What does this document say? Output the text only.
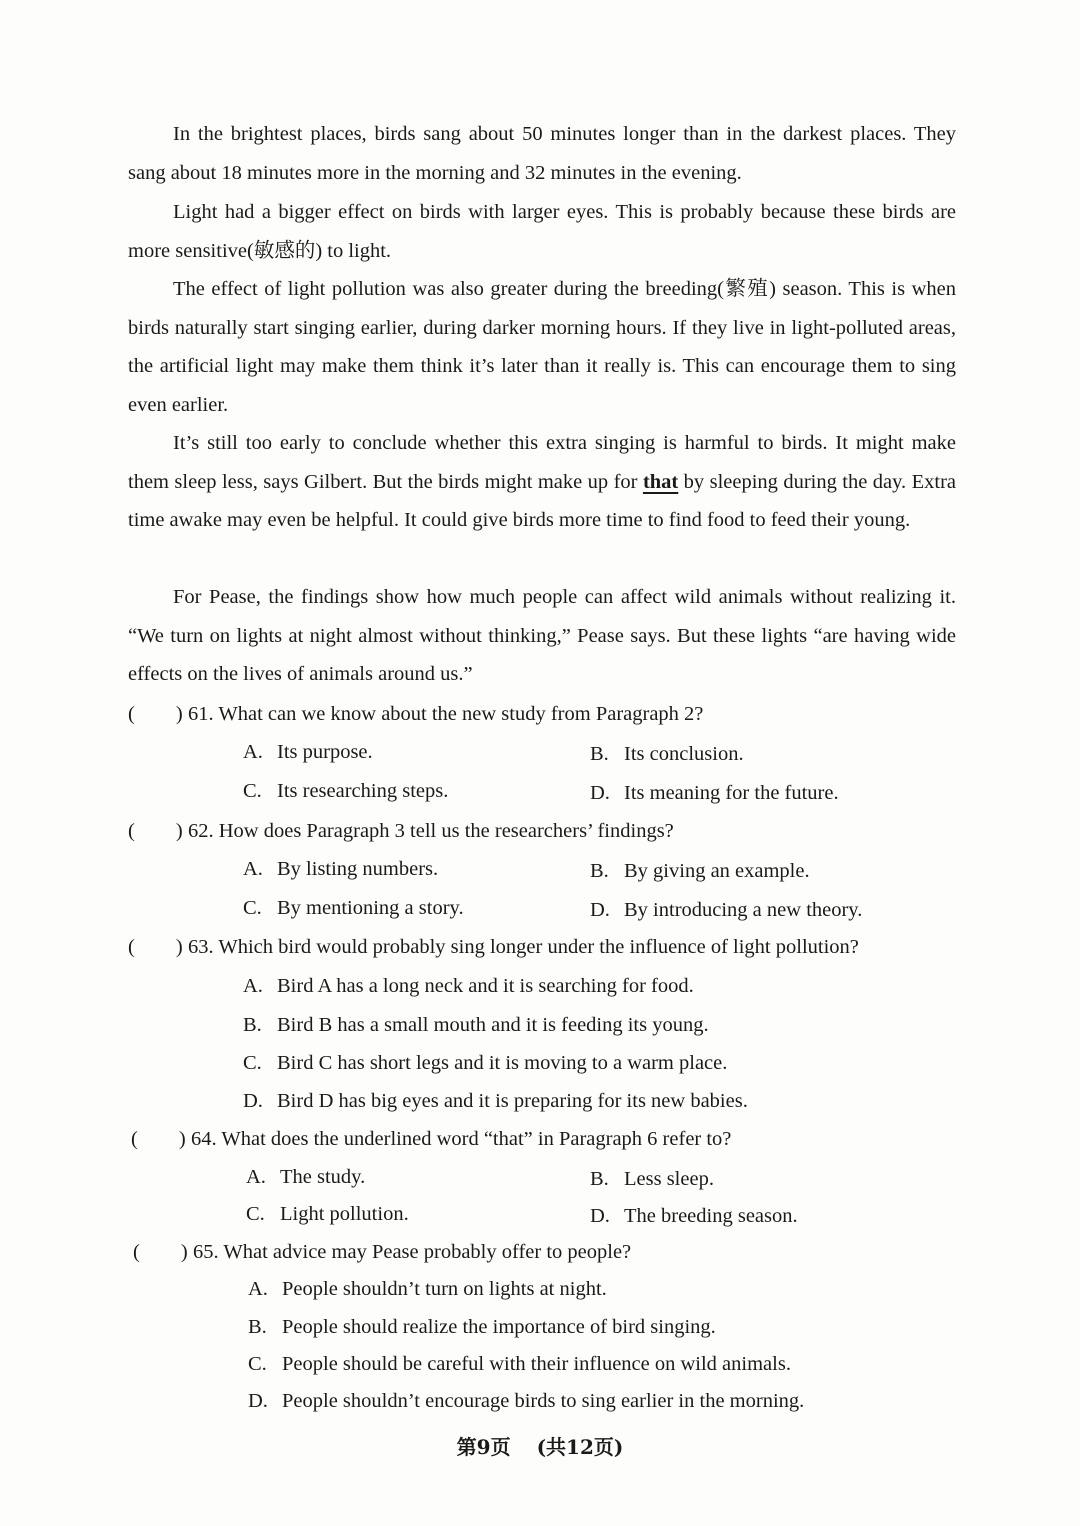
In the brightest places, birds sang about 50 minutes longer than in the darkest places. They sang about 18 minutes more in the morning and 32 minutes in the evening.

Light had a bigger effect on birds with larger eyes. This is probably because these birds are more sensitive(敏感的) to light.

The effect of light pollution was also greater during the breeding(繁殖) season. This is when birds naturally start singing earlier, during darker morning hours. If they live in light-polluted areas, the artificial light may make them think it’s later than it really is. This can encourage them to sing even earlier.

It’s still too early to conclude whether this extra singing is harmful to birds. It might make them sleep less, says Gilbert. But the birds might make up for that by sleeping during the day. Extra time awake may even be helpful. It could give birds more time to find food to feed their young.

For Pease, the findings show how much people can affect wild animals without realizing it. “We turn on lights at night almost without thinking,” Pease says. But these lights “are having wide effects on the lives of animals around us.”

(　　) 61. What can we know about the new study from Paragraph 2?
A. Its purpose.	B. Its conclusion.
C. Its researching steps.	D. Its meaning for the future.
(　　) 62. How does Paragraph 3 tell us the researchers’ findings?
A. By listing numbers.	B. By giving an example.
C. By mentioning a story.	D. By introducing a new theory.
(　　) 63. Which bird would probably sing longer under the influence of light pollution?
A. Bird A has a long neck and it is searching for food.
B. Bird B has a small mouth and it is feeding its young.
C. Bird C has short legs and it is moving to a warm place.
D. Bird D has big eyes and it is preparing for its new babies.
(　　) 64. What does the underlined word “that” in Paragraph 6 refer to?
A. The study.	B. Less sleep.
C. Light pollution.	D. The breeding season.
(　　) 65. What advice may Pease probably offer to people?
A. People shouldn’t turn on lights at night.
B. People should realize the importance of bird singing.
C. People should be careful with their influence on wild animals.
D. People shouldn’t encourage birds to sing earlier in the morning.
第9页 (共12页)
